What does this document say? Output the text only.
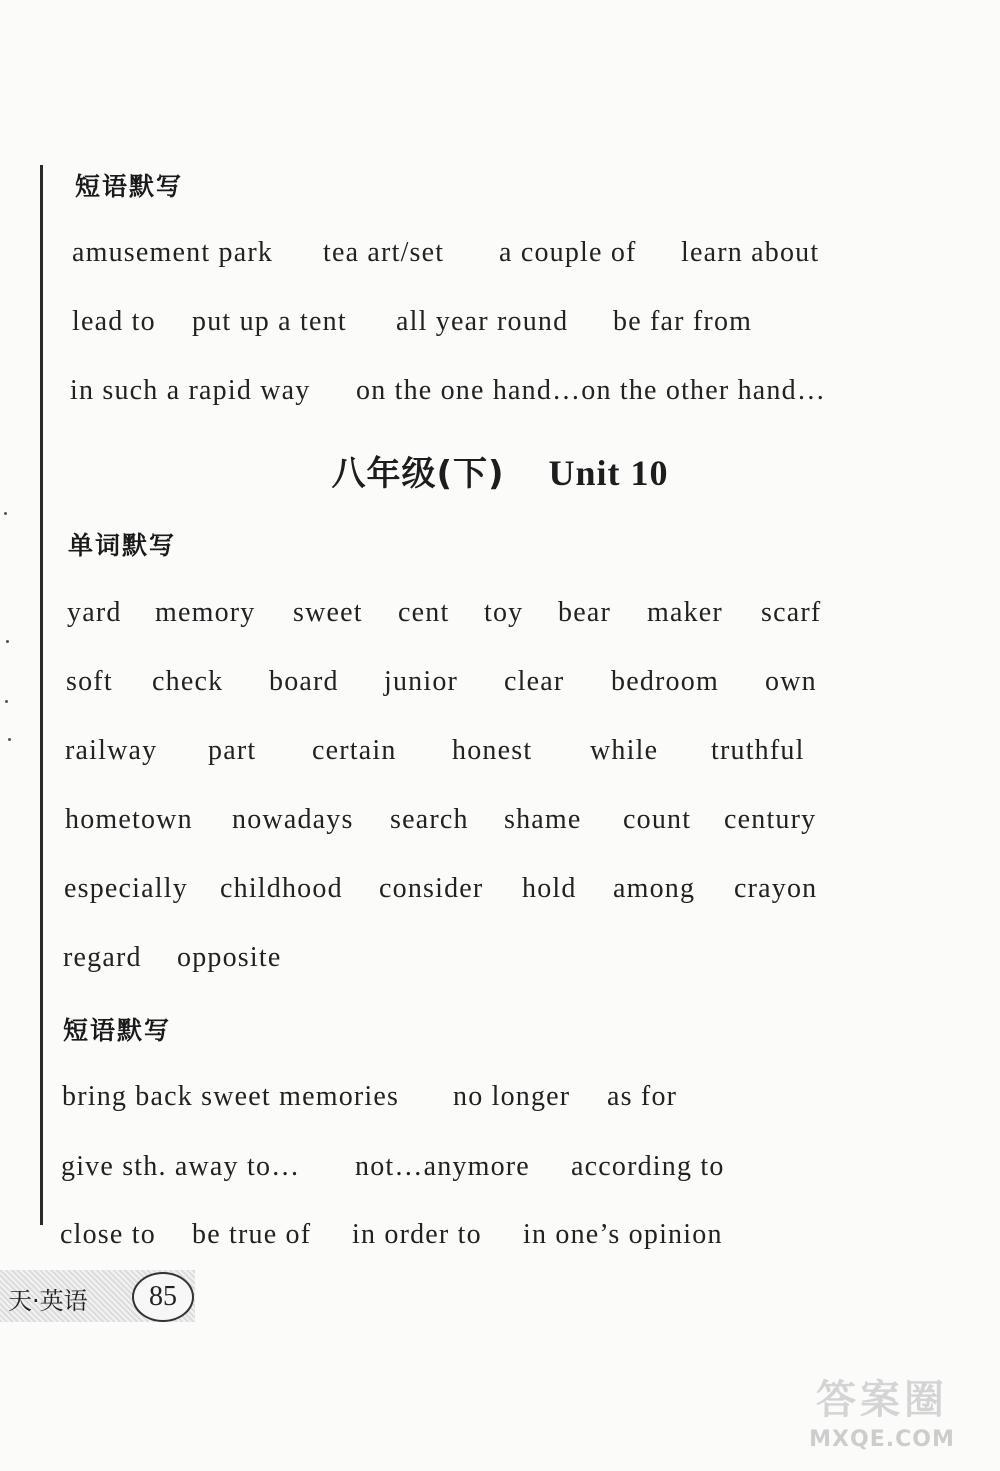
短语默写
amusement park	tea art/set	a couple of	learn about
lead to	put up a tent	all year round	be far from
in such a rapid way	on the one hand…on the other hand…
八年级(下) Unit 10
单词默写
yard	memory	sweet	cent	toy	bear	maker	scarf
soft	check	board	junior	clear	bedroom	own
railway	part	certain	honest	while	truthful
hometown	nowadays	search	shame	count	century
especially	childhood	consider	hold	among	crayon
regard	opposite
短语默写
bring back sweet memories	no longer	as for
give sth. away to…	not…anymore	according to
close to	be true of	in order to	in one’s opinion
天·英语	85
答案圈
MXQE.COM
